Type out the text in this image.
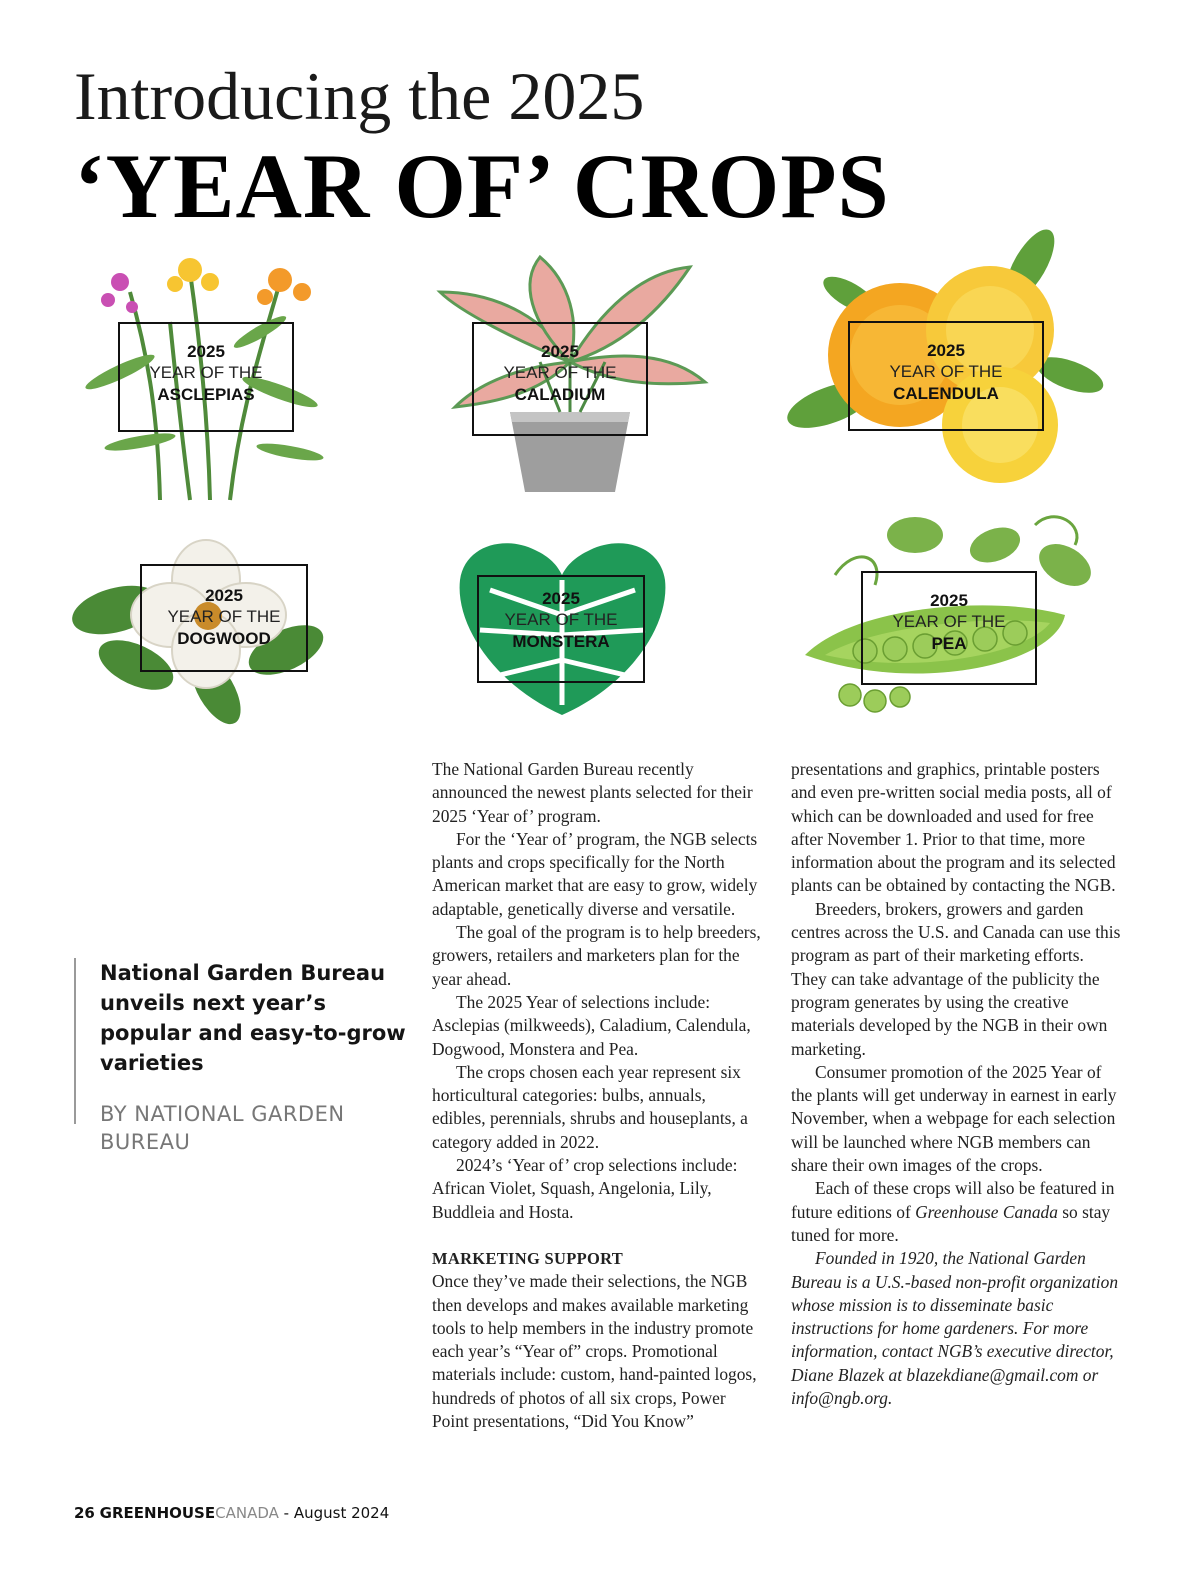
Introducing the 2025
‘YEAR OF’ CROPS
2025
YEAR OF THE
ASCLEPIAS
2025
YEAR OF THE
CALADIUM
2025
YEAR OF THE
CALENDULA
2025
YEAR OF THE
DOGWOOD
2025
YEAR OF THE
MONSTERA
2025
YEAR OF THE
PEA

National Garden Bureau unveils next year’s popular and easy-to-grow varieties

BY NATIONAL GARDEN BUREAU

The National Garden Bureau recently announced the newest plants selected for their 2025 ‘Year of’ program.

For the ‘Year of’ program, the NGB selects plants and crops specifically for the North American market that are easy to grow, widely adaptable, genetically diverse and versatile.

The goal of the program is to help breeders, growers, retailers and marketers plan for the year ahead.

The 2025 Year of selections include: Asclepias (milkweeds), Caladium, Calendula, Dogwood, Monstera and Pea.

The crops chosen each year represent six horticultural categories: bulbs, annuals, edibles, perennials, shrubs and houseplants, a category added in 2022.

2024’s ‘Year of’ crop selections include: African Violet, Squash, Angelonia, Lily, Buddleia and Hosta.

MARKETING SUPPORT

Once they’ve made their selections, the NGB then develops and makes available marketing tools to help members in the industry promote each year’s “Year of” crops. Promotional materials include: custom, hand-painted logos, hundreds of photos of all six crops, Power Point presentations, “Did You Know”

presentations and graphics, printable posters and even pre-written social media posts, all of which can be downloaded and used for free after November 1. Prior to that time, more information about the program and its selected plants can be obtained by contacting the NGB.

Breeders, brokers, growers and garden centres across the U.S. and Canada can use this program as part of their marketing efforts. They can take advantage of the publicity the program generates by using the creative materials developed by the NGB in their own marketing.

Consumer promotion of the 2025 Year of the plants will get underway in earnest in early November, when a webpage for each selection will be launched where NGB members can share their own images of the crops.

Each of these crops will also be featured in future editions of Greenhouse Canada so stay tuned for more.

Founded in 1920, the National Garden Bureau is a U.S.-based non-profit organization whose mission is to disseminate basic instructions for home gardeners. For more information, contact NGB’s executive director, Diane Blazek at blazekdiane@gmail.com or info@ngb.org.

26 GREENHOUSECANADA - August 2024
